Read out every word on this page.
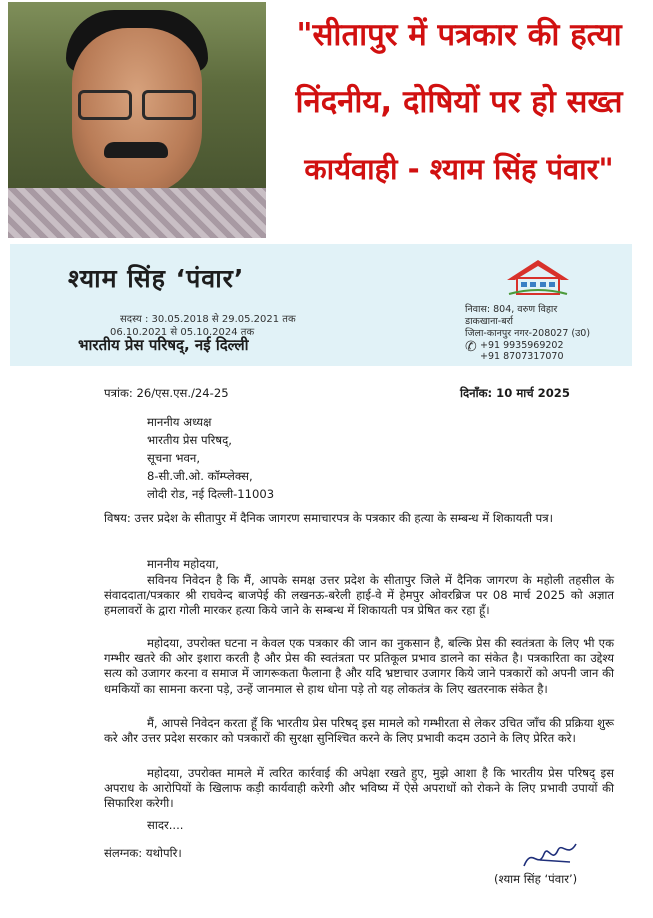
"सीतापुर में पत्रकार की हत्या
निंदनीय, दोषियों पर हो सख्त
कार्यवाही - श्याम सिंह पंवार"
श्याम सिंह ‘पंवार’
सदस्य : 30.05.2018 से 29.05.2021 तक
06.10.2021 से 05.10.2024 तक
भारतीय प्रेस परिषद्, नई दिल्ली
निवास: 804, वरुण विहार
डाकखाना-बर्रा
जिला-कानपुर नगर-208027 (उ0)
✆ +91 9935969202
+91 8707317070
पत्रांक: 26/एस.एस./24-25	दिनाँक: 10 मार्च 2025
माननीय अध्यक्ष
भारतीय प्रेस परिषद्,
सूचना भवन,
8-सी.जी.ओ. कॉम्प्लेक्स,
लोदी रोड, नई दिल्ली-11003
विषय: उत्तर प्रदेश के सीतापुर में दैनिक जागरण समाचारपत्र के पत्रकार की हत्या के सम्बन्ध में शिकायती पत्र।
माननीय महोदया,
सविनय निवेदन है कि मैं, आपके समक्ष उत्तर प्रदेश के सीतापुर जिले में दैनिक जागरण के महोली तहसील के संवाददाता/पत्रकार श्री राघवेन्द बाजपेई की लखनऊ-बरेली हाई-वे में हेमपुर ओवरब्रिज पर 08 मार्च 2025 को अज्ञात हमलावरों के द्वारा गोली मारकर हत्या किये जाने के सम्बन्ध में शिकायती पत्र प्रेषित कर रहा हूँ।
महोदया, उपरोक्त घटना न केवल एक पत्रकार की जान का नुकसान है, बल्कि प्रेस की स्वतंत्रता के लिए भी एक गम्भीर खतरे की ओर इशारा करती है और प्रेस की स्वतंत्रता पर प्रतिकूल प्रभाव डालने का संकेत है। पत्रकारिता का उद्देश्य सत्य को उजागर करना व समाज में जागरूकता फैलाना है और यदि भ्रष्टाचार उजागर किये जाने पत्रकारों को अपनी जान की धमकियों का सामना करना पड़े, उन्हें जानमाल से हाथ धोना पड़े तो यह लोकतंत्र के लिए खतरनाक संकेत है।
मैं, आपसे निवेदन करता हूँ कि भारतीय प्रेस परिषद् इस मामले को गम्भीरता से लेकर उचित जाँच की प्रक्रिया शुरू करे और उत्तर प्रदेश सरकार को पत्रकारों की सुरक्षा सुनिश्चित करने के लिए प्रभावी कदम उठाने के लिए प्रेरित करे।
महोदया, उपरोक्त मामले में त्वरित कार्रवाई की अपेक्षा रखते हुए, मुझे आशा है कि भारतीय प्रेस परिषद् इस अपराध के आरोपियों के खिलाफ कड़ी कार्यवाही करेगी और भविष्य में ऐसे अपराधों को रोकने के लिए प्रभावी उपायों की सिफारिश करेगी।
सादर....
संलग्नक: यथोपरि।
(श्याम सिंह ‘पंवार’)
